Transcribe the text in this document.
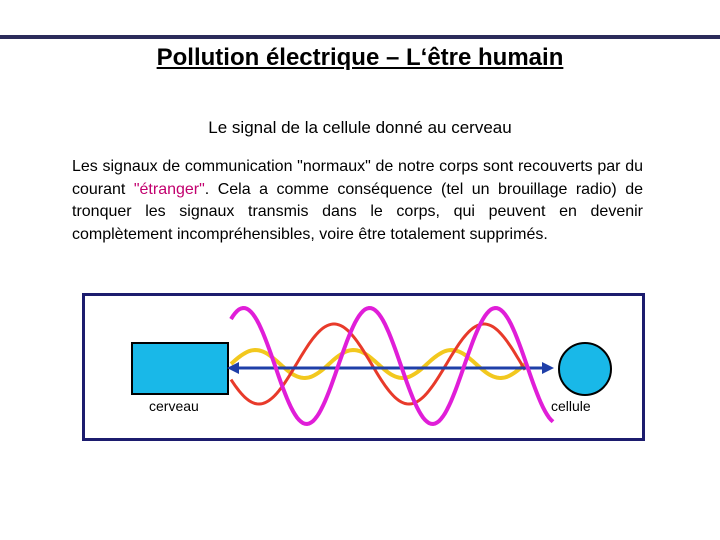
Pollution électrique – L‘être humain
Le signal de la cellule donné au cerveau
Les signaux de communication "normaux" de notre corps sont recouverts par du courant "étranger". Cela a comme conséquence (tel un brouillage radio) de tronquer les signaux transmis dans le corps, qui peuvent en devenir complètement incompréhensibles, voire être totalement supprimés.
cerveau	cellule
